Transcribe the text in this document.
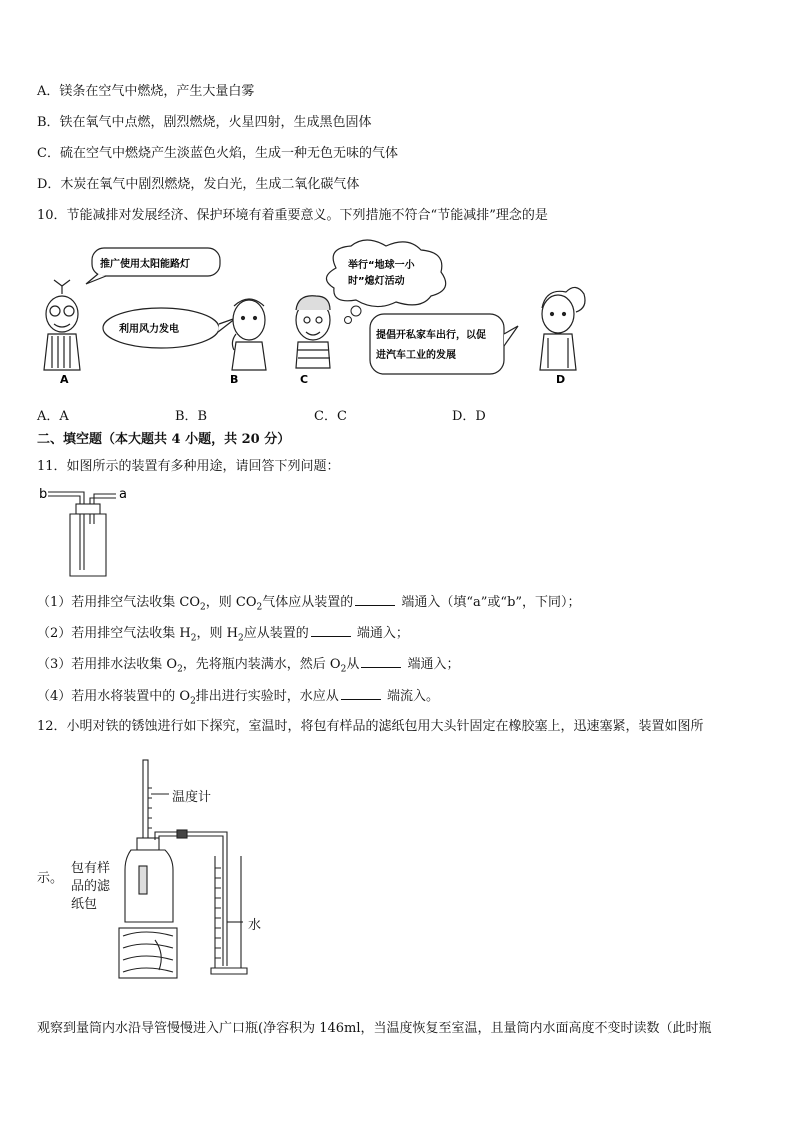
A．镁条在空气中燃烧，产生大量白雾
B．铁在氧气中点燃，剧烈燃烧，火星四射，生成黑色固体
C．硫在空气中燃烧产生淡蓝色火焰，生成一种无色无味的气体
D．木炭在氧气中剧烈燃烧，发白光，生成二氧化碳气体
10．节能减排对发展经济、保护环境有着重要意义。下列措施不符合“节能减排”理念的是
推广使用太阳能路灯
利用风力发电
举行“地球一小
时”熄灯活动
提倡开私家车出行，以促
进汽车工业的发展
A	B	C	D
A．A	B．B	C．C	D．D
二、填空题（本大题共 4 小题，共 20 分）
11．如图所示的装置有多种用途，请回答下列问题：
b	a
（1）若用排空气法收集 $CO_2$，则 $CO_2$气体应从装置的	端通入（填“a”或“b”，下同）；
（2）若用排空气法收集 $H_2$，则 $H_2$应从装置的	端通入；
（3）若用排水法收集 $O_2$，先将瓶内装满水，然后 $O_2$从	端通入；
（4）若用水将装置中的 $O_2$排出进行实验时，水应从	端流入。
12．小明对铁的锈蚀进行如下探究，室温时，将包有样品的滤纸包用大头针固定在橡胶塞上，迅速塞紧，装置如图所
示。
温度计
包有样
品的滤
纸包
水
观察到量筒内水沿导管慢慢进入广口瓶(净容积为 146ml，当温度恢复至室温，且量筒内水面高度不变时读数（此时瓶
